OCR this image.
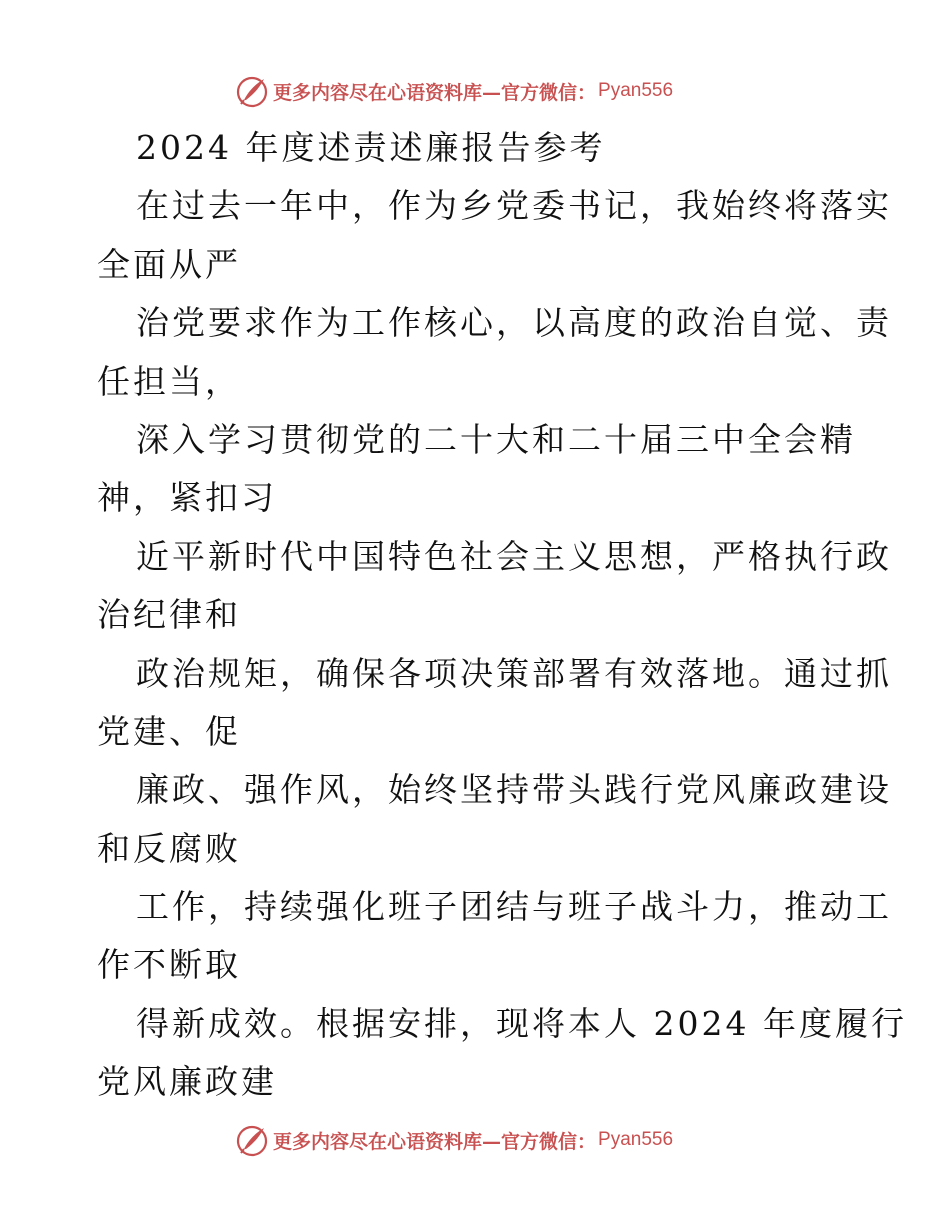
更多内容尽在心语资料库—官方微信： Pyan556
2024 年度述责述廉报告参考
在过去一年中，作为乡党委书记，我始终将落实
全面从严
治党要求作为工作核心，以高度的政治自觉、责
任担当，
深入学习贯彻党的二十大和二十届三中全会精
神，紧扣习
近平新时代中国特色社会主义思想，严格执行政
治纪律和
政治规矩，确保各项决策部署有效落地。通过抓
党建、促
廉政、强作风，始终坚持带头践行党风廉政建设
和反腐败
工作，持续强化班子团结与班子战斗力，推动工
作不断取
得新成效。根据安排，现将本人 2024 年度履行
党风廉政建
更多内容尽在心语资料库—官方微信： Pyan556
